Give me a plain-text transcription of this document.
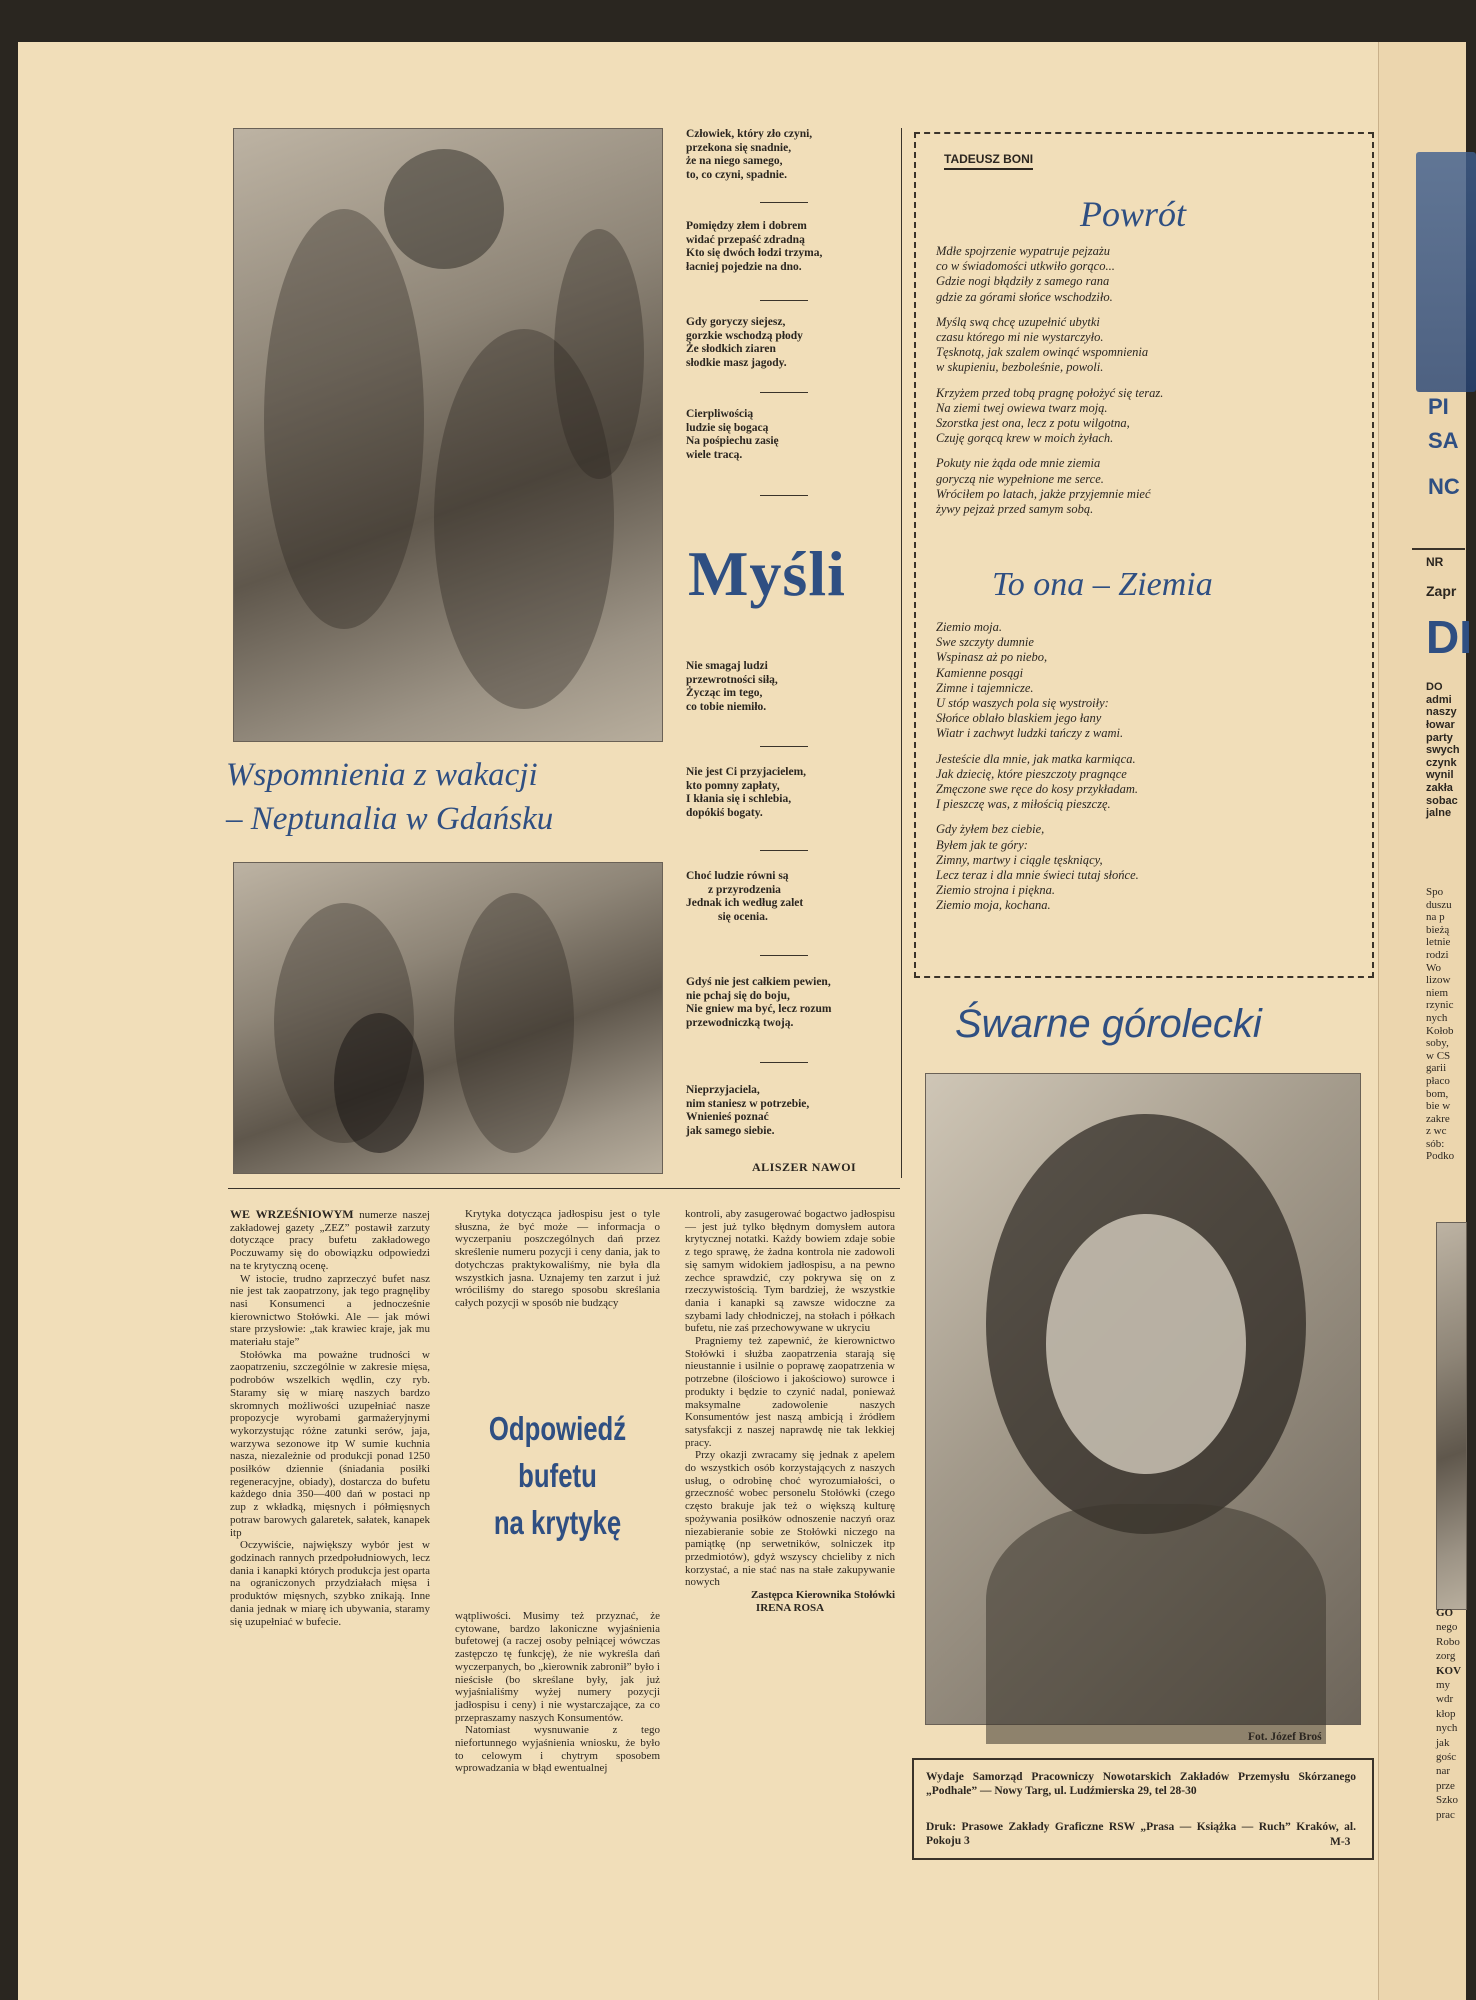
Wspomnienia z wakacji
– Neptunalia w Gdańsku
Człowiek, który zło czyni,
przekona się snadnie,
że na niego samego,
to, co czyni, spadnie.
Pomiędzy złem i dobrem
widać przepaść zdradną
Kto się dwóch łodzi trzyma,
łacniej pojedzie na dno.
Gdy goryczy siejesz,
gorzkie wschodzą płody
Że słodkich ziaren
słodkie masz jagody.
Cierpliwością
ludzie się bogacą
Na pośpiechu zasię
wiele tracą.
Myśli
Nie smagaj ludzi
przewrotności siłą,
Życząc im tego,
co tobie niemiło.
Nie jest Ci przyjacielem,
kto pomny zapłaty,
I kłania się i schlebia,
dopókiś bogaty.
Choć ludzie równi są
z przyrodzenia
Jednak ich według zalet
się ocenia.
Gdyś nie jest całkiem pewien,
nie pchaj się do boju,
Nie gniew ma być, lecz rozum
przewodniczką twoją.
Nieprzyjaciela,
nim staniesz w potrzebie,
Wnienieś poznać
jak samego siebie.
ALISZER NAWOI
TADEUSZ BONI
Powrót
Mdłe spojrzenie wypatruje pejzażu
co w świadomości utkwiło gorąco...
Gdzie nogi błądziły z samego rana
gdzie za górami słońce wschodziło.
Myślą swą chcę uzupełnić ubytki
czasu którego mi nie wystarczyło.
Tęsknotą, jak szalem owinąć wspomnienia
w skupieniu, bezboleśnie, powoli.
Krzyżem przed tobą pragnę położyć się teraz.
Na ziemi twej owiewa twarz moją.
Szorstka jest ona, lecz z potu wilgotna,
Czuję gorącą krew w moich żyłach.
Pokuty nie żąda ode mnie ziemia
goryczą nie wypełnione me serce.
Wróciłem po latach, jakże przyjemnie mieć
żywy pejzaż przed samym sobą.
To ona – Ziemia
Ziemio moja.
Swe szczyty dumnie
Wspinasz aż po niebo,
Kamienne posągi
Zimne i tajemnicze.
U stóp waszych pola się wystroiły:
Słońce oblało blaskiem jego łany
Wiatr i zachwyt ludzki tańczy z wami.
Jesteście dla mnie, jak matka karmiąca.
Jak dziecię, które pieszczoty pragnące
Zmęczone swe ręce do kosy przykładam.
I pieszczę was, z miłością pieszczę.
Gdy żyłem bez ciebie,
Byłem jak te góry:
Zimny, martwy i ciągle tęskniący,
Lecz teraz i dla mnie świeci tutaj słońce.
Ziemio strojna i piękna.
Ziemio moja, kochana.
Śwarne górolecki
Fot. Józef Broś
Wydaje Samorząd Pracowniczy Nowotarskich Zakładów Przemysłu Skórzanego „Podhale” — Nowy Targ, ul. Ludźmierska 29, tel 28-30
Druk: Prasowe Zakłady Graficzne RSW „Prasa — Książka — Ruch” Kraków, al. Pokoju 3	M-3

WE WRZEŚNIOWYM numerze naszej zakładowej gazety „ZEZ” postawił zarzuty dotyczące pracy bufetu zakładowego Poczuwamy się do obowiązku odpowiedzi na te krytyczną ocenę.

W istocie, trudno zaprzeczyć bufet nasz nie jest tak zaopatrzony, jak tego pragnęliby nasi Konsumenci a jednocześnie kierownictwo Stołówki. Ale — jak mówi stare przysłowie: „tak krawiec kraje, jak mu materiału staje”

Stołówka ma poważne trudności w zaopatrzeniu, szczególnie w zakresie mięsa, podrobów wszelkich wędlin, czy ryb. Staramy się w miarę naszych bardzo skromnych możliwości uzupełniać nasze propozycje wyrobami garmażeryjnymi wykorzystując różne zatunki serów, jaja, warzywa sezonowe itp W sumie kuchnia nasza, niezależnie od produkcji ponad 1250 posiłków dziennie (śniadania posiłki regeneracyjne, obiady), dostarcza do bufetu każdego dnia 350—400 dań w postaci np zup z wkładką, mięsnych i półmięsnych potraw barowych galaretek, sałatek, kanapek itp

Oczywiście, największy wybór jest w godzinach rannych przedpołudniowych, lecz dania i kanapki których produkcja jest oparta na ograniczonych przydziałach mięsa i produktów mięsnych, szybko znikają. Inne dania jednak w miarę ich ubywania, staramy się uzupełniać w bufecie.

Krytyka dotycząca jadłospisu jest o tyle słuszna, że być może — informacja o wyczerpaniu poszczególnych dań przez skreślenie numeru pozycji i ceny dania, jak to dotychczas praktykowaliśmy, nie była dla wszystkich jasna. Uznajemy ten zarzut i już wróciliśmy do starego sposobu skreślania całych pozycji w sposób nie budzący

Odpowiedź
bufetu
na krytykę

wątpliwości. Musimy też przyznać, że cytowane, bardzo lakoniczne wyjaśnienia bufetowej (a raczej osoby pełniącej wówczas zastępczo tę funkcję), że nie wykreśla dań wyczerpanych, bo „kierownik zabronił” było i nieścisłe (bo skreślane były, jak już wyjaśnialiśmy wyżej numery pozycji jadłospisu i ceny) i nie wystarczające, za co przepraszamy naszych Konsumentów.

Natomiast wysnuwanie z tego niefortunnego wyjaśnienia wniosku, że było to celowym i chytrym sposobem wprowadzania w błąd ewentualnej

kontroli, aby zasugerować bogactwo jadłospisu — jest już tylko błędnym domysłem autora krytycznej notatki. Każdy bowiem zdaje sobie z tego sprawę, że żadna kontrola nie zadowoli się samym widokiem jadłospisu, a na pewno zechce sprawdzić, czy pokrywa się on z rzeczywistością. Tym bardziej, że wszystkie dania i kanapki są zawsze widoczne za szybami lady chłodniczej, na stołach i półkach bufetu, nie zaś przechowywane w ukryciu

Pragniemy też zapewnić, że kierownictwo Stołówki i służba zaopatrzenia starają się nieustannie i usilnie o poprawę zaopatrzenia w potrzebne (ilościowo i jakościowo) surowce i produkty i będzie to czynić nadal, ponieważ maksymalne zadowolenie naszych Konsumentów jest naszą ambicją i źródłem satysfakcji z naszej naprawdę nie tak lekkiej pracy.

Przy okazji zwracamy się jednak z apelem do wszystkich osób korzystających z naszych usług, o odrobinę choć wyrozumiałości, o grzeczność wobec personelu Stołówki (czego często brakuje jak też o większą kulturę spożywania posiłków odnoszenie naczyń oraz niezabieranie sobie ze Stołówki niczego na pamiątkę (np serwetników, solniczek itp przedmiotów), gdyż wszyscy chcieliby z nich korzystać, a nie stać nas na stałe zakupywanie nowych

Zastępca Kierownika Stołówki

IRENA ROSA

PI
SA
NC
NR
Zapr
DI
DO
admi
naszy
łowar
party
swych
czynk
wynil
zakła
sobac
jalne
Spo
duszu
na p
bieżą
letnie
rodzi
Wo
lizow
niem
rzynic
nych
Kołob
soby,
w CS
garii
płaco
bom,
bie w
zakre
z wc
sób:
Podko
GO
nego
Robo
zorg
KOV
my
wdr
kłop
nych
jak
gośc
nar
prze
Szko
prac
